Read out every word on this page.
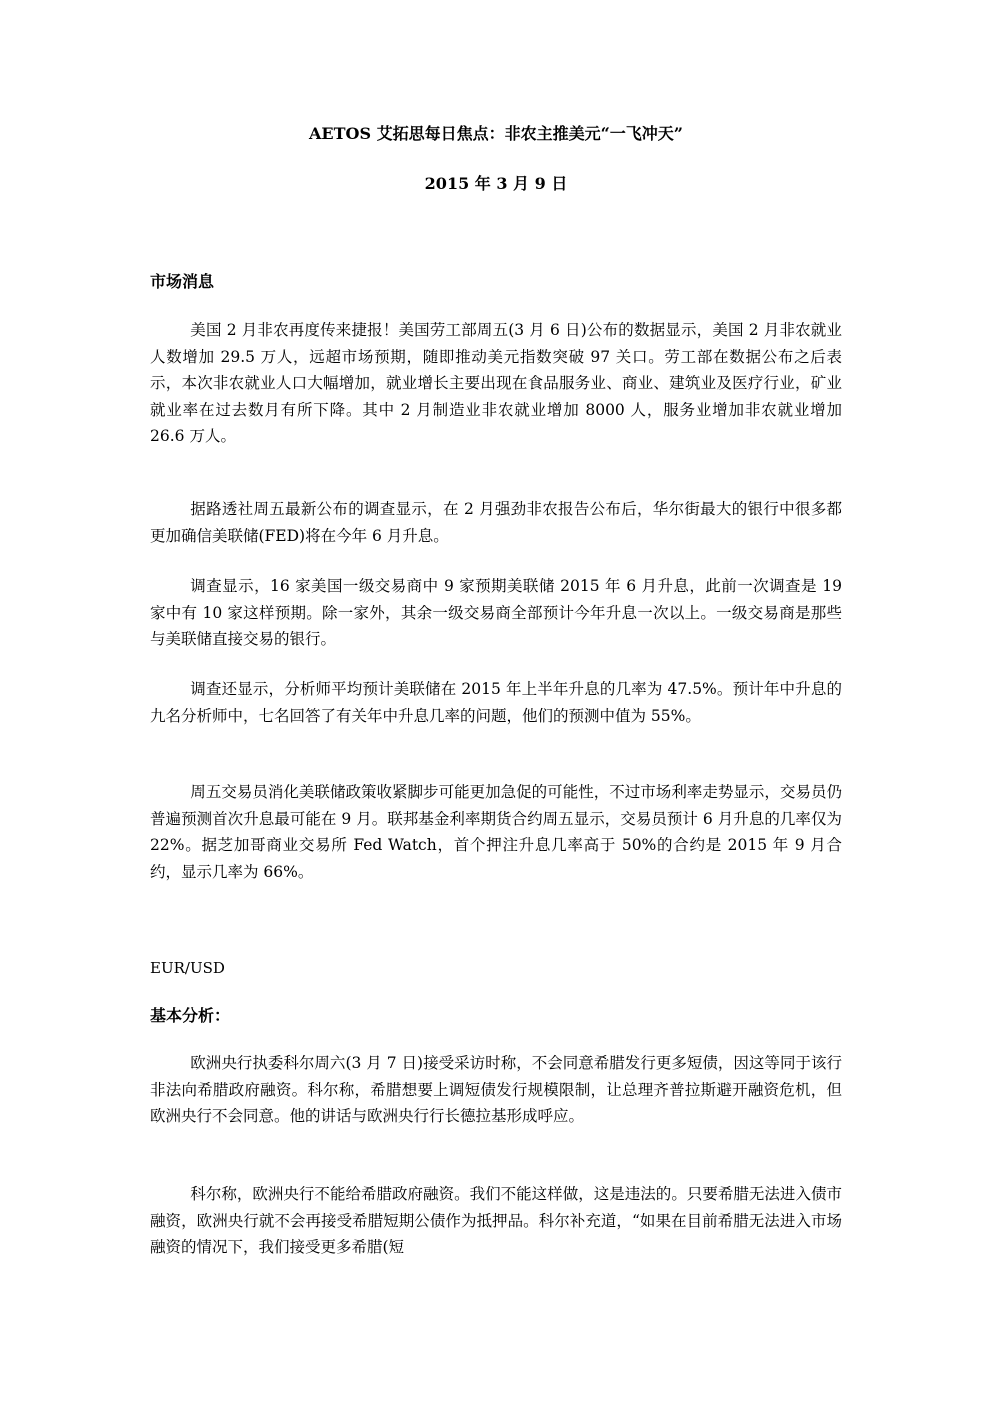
AETOS 艾拓思每日焦点：非农主推美元“一飞冲天”
2015 年 3 月 9 日
市场消息

美国 2 月非农再度传来捷报！美国劳工部周五(3 月 6 日)公布的数据显示，美国 2 月非农就业人数增加 29.5 万人，远超市场预期，随即推动美元指数突破 97 关口。劳工部在数据公布之后表示，本次非农就业人口大幅增加，就业增长主要出现在食品服务业、商业、建筑业及医疗行业，矿业就业率在过去数月有所下降。其中 2 月制造业非农就业增加 8000 人，服务业增加非农就业增加 26.6 万人。

据路透社周五最新公布的调查显示，在 2 月强劲非农报告公布后，华尔街最大的银行中很多都更加确信美联储(FED)将在今年 6 月升息。

调查显示，16 家美国一级交易商中 9 家预期美联储 2015 年 6 月升息，此前一次调查是 19 家中有 10 家这样预期。除一家外，其余一级交易商全部预计今年升息一次以上。一级交易商是那些与美联储直接交易的银行。

调查还显示，分析师平均预计美联储在 2015 年上半年升息的几率为 47.5%。预计年中升息的九名分析师中，七名回答了有关年中升息几率的问题，他们的预测中值为 55%。

周五交易员消化美联储政策收紧脚步可能更加急促的可能性，不过市场利率走势显示，交易员仍普遍预测首次升息最可能在 9 月。联邦基金利率期货合约周五显示，交易员预计 6 月升息的几率仅为 22%。据芝加哥商业交易所 Fed Watch，首个押注升息几率高于 50%的合约是 2015 年 9 月合约，显示几率为 66%。

EUR/USD
基本分析：

欧洲央行执委科尔周六(3 月 7 日)接受采访时称，不会同意希腊发行更多短债，因这等同于该行非法向希腊政府融资。科尔称，希腊想要上调短债发行规模限制，让总理齐普拉斯避开融资危机，但欧洲央行不会同意。他的讲话与欧洲央行行长德拉基形成呼应。

科尔称，欧洲央行不能给希腊政府融资。我们不能这样做，这是违法的。只要希腊无法进入债市融资，欧洲央行就不会再接受希腊短期公债作为抵押品。科尔补充道，“如果在目前希腊无法进入市场融资的情况下，我们接受更多希腊(短
